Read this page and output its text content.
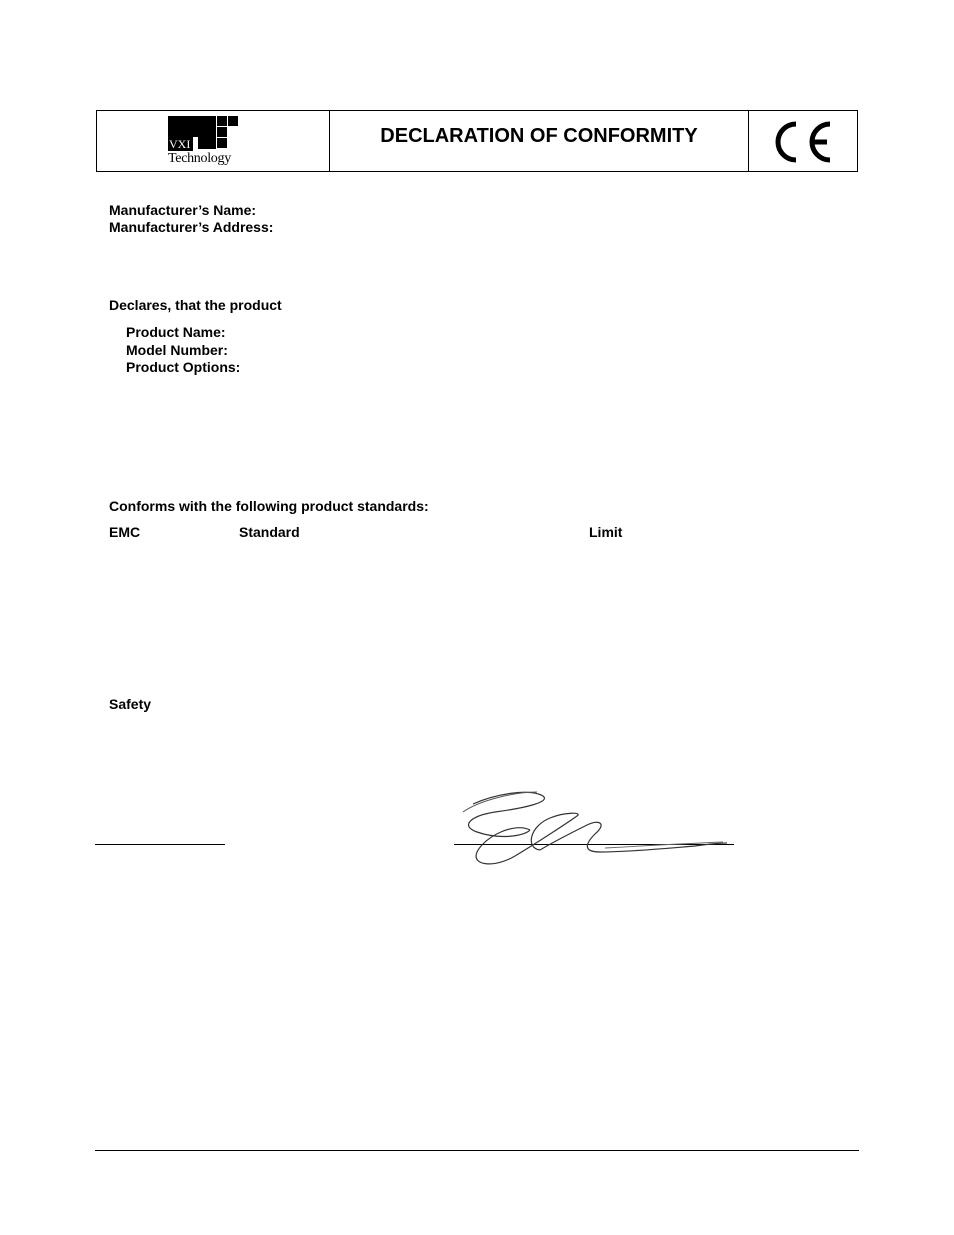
VXI
Technology
DECLARATION OF CONFORMITY
Manufacturer’s Name:
Manufacturer’s Address:
Declares, that the product
Product Name:
Model Number:
Product Options:
Conforms with the following product standards:
EMC	Standard	Limit
Safety
